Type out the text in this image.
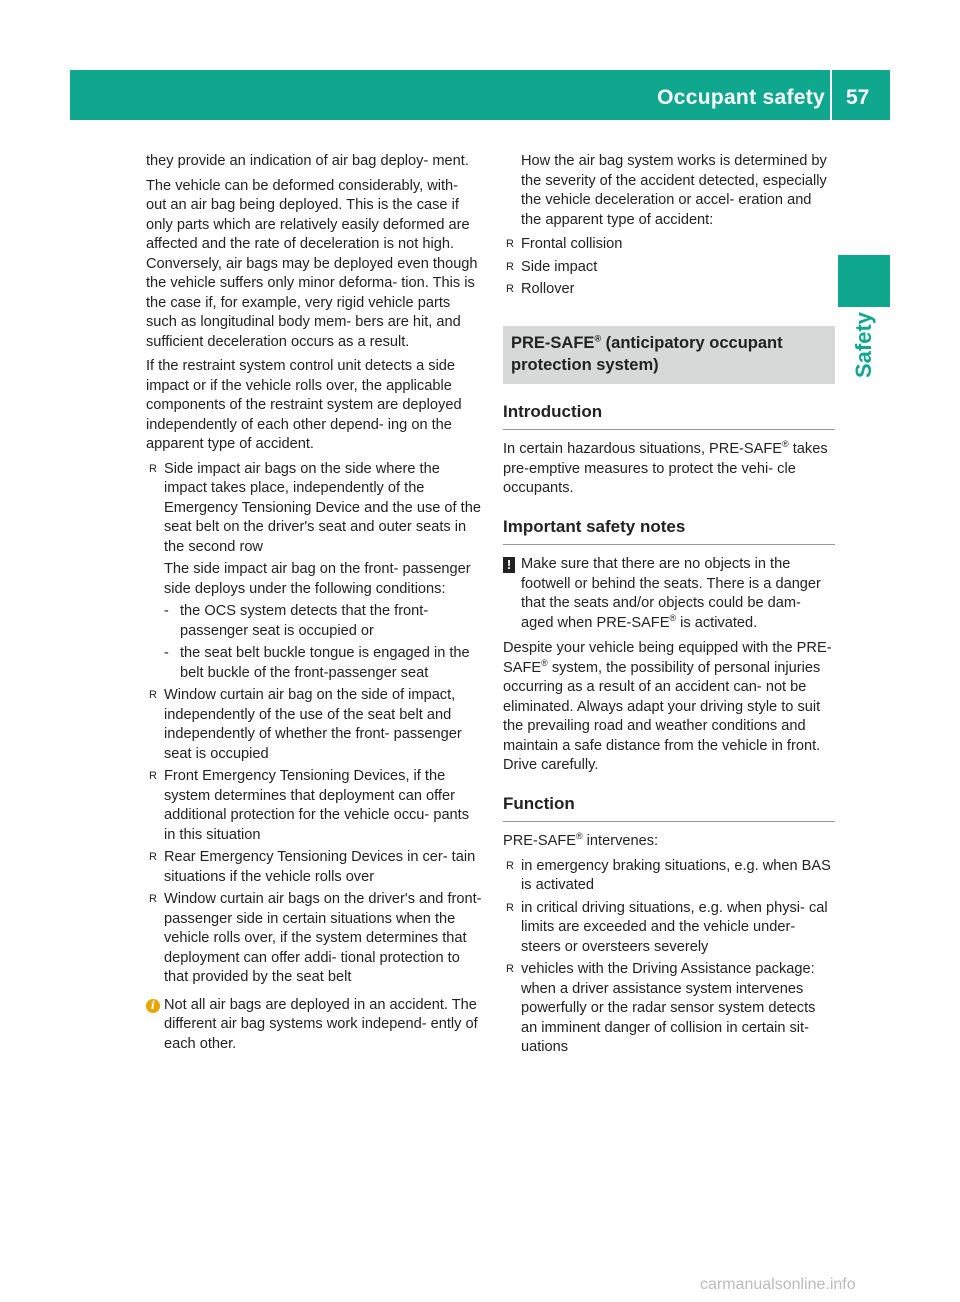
Occupant safety 57
Safety

they provide an indication of air bag deploy- ment.

The vehicle can be deformed considerably, with- out an air bag being deployed. This is the case if only parts which are relatively easily deformed are affected and the rate of deceleration is not high. Conversely, air bags may be deployed even though the vehicle suffers only minor deforma- tion. This is the case if, for example, very rigid vehicle parts such as longitudinal body mem- bers are hit, and sufficient deceleration occurs as a result.

If the restraint system control unit detects a side impact or if the vehicle rolls over, the applicable components of the restraint system are deployed independently of each other depend- ing on the apparent type of accident.

R Side impact air bags on the side where the impact takes place, independently of the Emergency Tensioning Device and the use of the seat belt on the driver's seat and outer seats in the second row
The side impact air bag on the front- passenger side deploys under the following conditions:
- the OCS system detects that the front- passenger seat is occupied or
- the seat belt buckle tongue is engaged in the belt buckle of the front-passenger seat
R Window curtain air bag on the side of impact, independently of the use of the seat belt and independently of whether the front- passenger seat is occupied
R Front Emergency Tensioning Devices, if the system determines that deployment can offer additional protection for the vehicle occu- pants in this situation
R Rear Emergency Tensioning Devices in cer- tain situations if the vehicle rolls over
R Window curtain air bags on the driver's and front-passenger side in certain situations when the vehicle rolls over, if the system determines that deployment can offer addi- tional protection to that provided by the seat belt
i Not all air bags are deployed in an accident. The different air bag systems work independ- ently of each other.

How the air bag system works is determined by the severity of the accident detected, especially the vehicle deceleration or accel- eration and the apparent type of accident:

R Frontal collision
R Side impact
R Rollover
PRE-SAFE® (anticipatory occupant protection system)
Introduction

In certain hazardous situations, PRE-SAFE® takes pre-emptive measures to protect the vehi- cle occupants.

Important safety notes
! Make sure that there are no objects in the footwell or behind the seats. There is a danger that the seats and/or objects could be dam- aged when PRE-SAFE® is activated.

Despite your vehicle being equipped with the PRE-SAFE® system, the possibility of personal injuries occurring as a result of an accident can- not be eliminated. Always adapt your driving style to suit the prevailing road and weather conditions and maintain a safe distance from the vehicle in front. Drive carefully.

Function

PRE-SAFE® intervenes:

R in emergency braking situations, e.g. when BAS is activated
R in critical driving situations, e.g. when physi- cal limits are exceeded and the vehicle under- steers or oversteers severely
R vehicles with the Driving Assistance package: when a driver assistance system intervenes powerfully or the radar sensor system detects an imminent danger of collision in certain sit- uations
carmanualsonline.info
